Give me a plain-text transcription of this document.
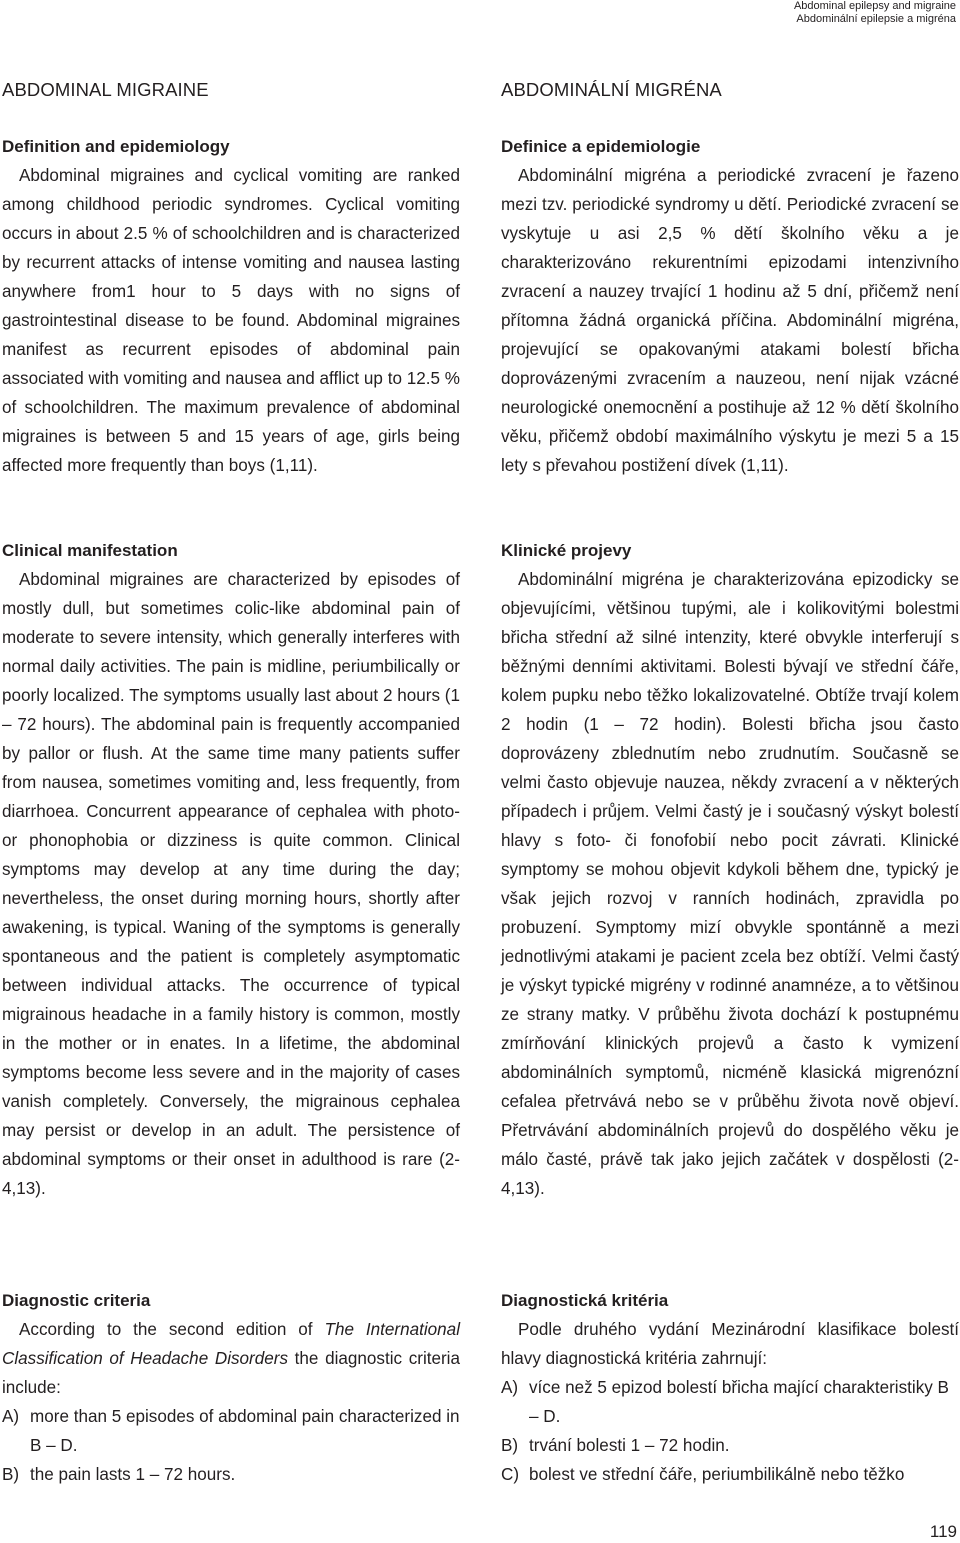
Abdominal epilepsy and migraine
Abdominální epilepsie a migréna
ABDOMINAL MIGRAINE
Definition and epidemiology

Abdominal migraines and cyclical vomiting are ranked among childhood periodic syndromes. Cyclical vomiting occurs in about 2.5 % of schoolchildren and is characterized by recurrent attacks of intense vomiting and nausea lasting anywhere from1 hour to 5 days with no signs of gastrointestinal disease to be found. Abdominal migraines manifest as recurrent episodes of abdominal pain associated with vomiting and nausea and afflict up to 12.5 % of schoolchildren. The maximum prevalence of abdominal migraines is between 5 and 15 years of age, girls being affected more frequently than boys (1,11).

Clinical manifestation

Abdominal migraines are characterized by episodes of mostly dull, but sometimes colic-like abdominal pain of moderate to severe intensity, which generally interferes with normal daily activities. The pain is midline, periumbilically or poorly localized. The symptoms usually last about 2 hours (1 – 72 hours). The abdominal pain is frequently accompanied by pallor or flush. At the same time many patients suffer from nausea, sometimes vomiting and, less frequently, from diarrhoea. Concurrent appearance of cephalea with photo- or phonophobia or dizziness is quite common. Clinical symptoms may develop at any time during the day; nevertheless, the onset during morning hours, shortly after awakening, is typical. Waning of the symptoms is generally spontaneous and the patient is completely asymptomatic between individual attacks. The occurrence of typical migrainous headache in a family history is common, mostly in the mother or in enates. In a lifetime, the abdominal symptoms become less severe and in the majority of cases vanish completely. Conversely, the migrainous cephalea may persist or develop in an adult. The persistence of abdominal symptoms or their onset in adulthood is rare (2-4,13).

Diagnostic criteria

According to the second edition of The International Classification of Headache Disorders the diagnostic criteria include:

A) more than 5 episodes of abdominal pain characterized in B – D.
B) the pain lasts 1 – 72 hours.
ABDOMINÁLNÍ MIGRÉNA
Definice a epidemiologie

Abdominální migréna a periodické zvracení je řazeno mezi tzv. periodické syndromy u dětí. Periodické zvracení se vyskytuje u asi 2,5 % dětí školního věku a je charakterizováno rekurentními epizodami intenzivního zvracení a nauzey trvající 1 hodinu až 5 dní, přičemž není přítomna žádná organická příčina. Abdominální migréna, projevující se opakovanými atakami bolestí břicha doprovázenými zvracením a nauzeou, není nijak vzácné neurologické onemocnění a postihuje až 12 % dětí školního věku, přičemž období maximálního výskytu je mezi 5 a 15 lety s převahou postižení dívek (1,11).

Klinické projevy

Abdominální migréna je charakterizována epizodicky se objevujícími, většinou tupými, ale i kolikovitými bolestmi břicha střední až silné intenzity, které obvykle interferují s běžnými denními aktivitami. Bolesti bývají ve střední čáře, kolem pupku nebo těžko lokalizovatelné. Obtíže trvají kolem 2 hodin (1 – 72 hodin). Bolesti břicha jsou často doprovázeny zblednutím nebo zrudnutím. Současně se velmi často objevuje nauzea, někdy zvracení a v některých případech i průjem. Velmi častý je i současný výskyt bolestí hlavy s foto- či fonofobií nebo pocit závrati. Klinické symptomy se mohou objevit kdykoli během dne, typický je však jejich rozvoj v ranních hodinách, zpravidla po probuzení. Symptomy mizí obvykle spontánně a mezi jednotlivými atakami je pacient zcela bez obtíží. Velmi častý je výskyt typické migrény v rodinné anamnéze, a to většinou ze strany matky. V průběhu života dochází k postupnému zmírňování klinických projevů a často k vymizení abdominálních symptomů, nicméně klasická migrenózní cefalea přetrvává nebo se v průběhu života nově objeví. Přetrvávání abdominálních projevů do dospělého věku je málo časté, právě tak jako jejich začátek v dospělosti (2-4,13).

Diagnostická kritéria

Podle druhého vydání Mezinárodní klasifikace bolestí hlavy diagnostická kritéria zahrnují:

A) více než 5 epizod bolestí břicha mající charakteristiky B – D.
B) trvání bolesti 1 – 72 hodin.
C) bolest ve střední čáře, periumbilikálně nebo těžko
119
